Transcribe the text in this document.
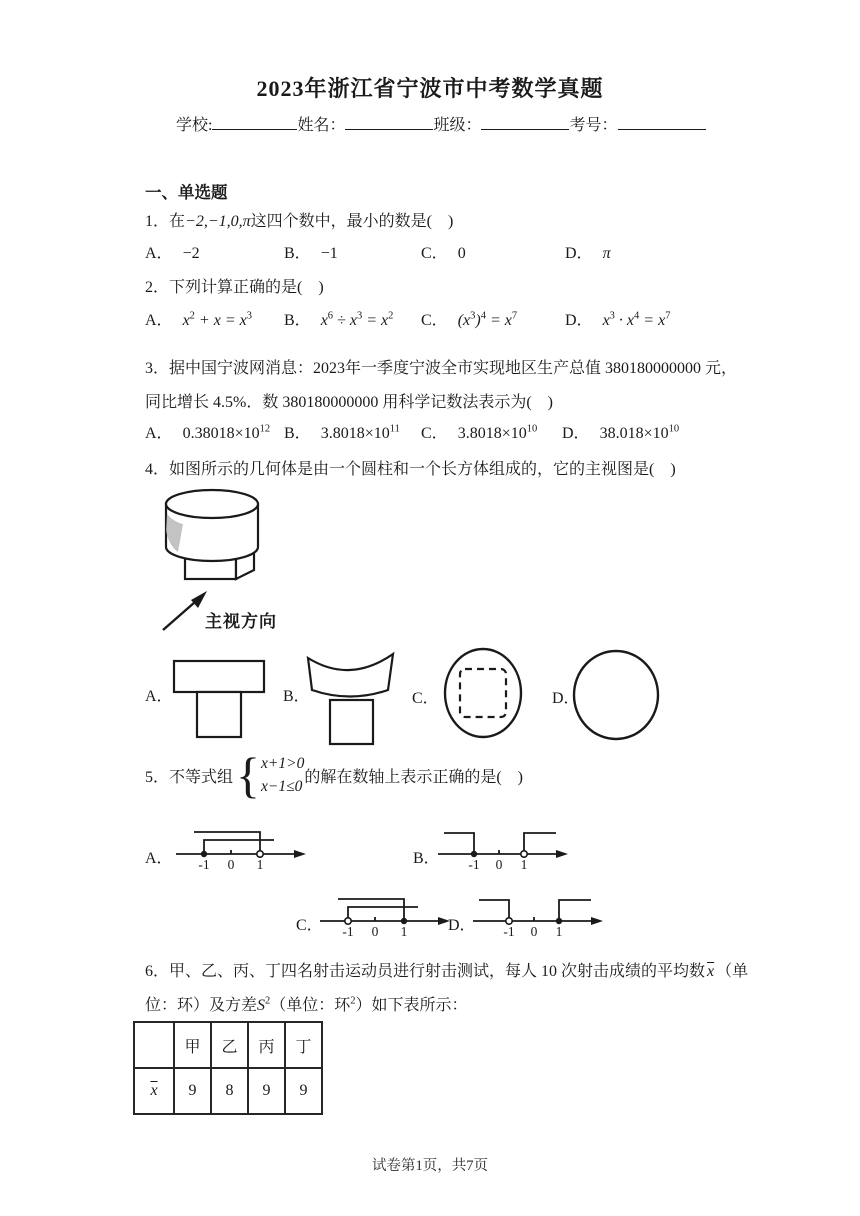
2023年浙江省宁波市中考数学真题
学校:	姓名：	班级：	考号：
一、单选题
1．在−2,−1,0,π这四个数中，最小的数是(　)
A． −2	B． −1	C． 0	D． π
2．下列计算正确的是(　)
A． $x^2 + x = x^3$ B． $x^6 \div x^3 = x^2$ C． $(x^3)^4 = x^7$	D． $x^3 \cdot x^4 = x^7$
3．据中国宁波网消息：2023年一季度宁波全市实现地区生产总值 380180000000 元，
同比增长 4.5%．数 380180000000 用科学记数法表示为(　)
A． $0.38018\times 10^{12}$ B． $3.8018\times 10^{11}$ C． $3.8018\times 10^{10}$ D． $38.018\times 10^{10}$
4．如图所示的几何体是由一个圆柱和一个长方体组成的，它的主视图是(　)
主视方向
A．	B．	C．	D．
5． 不等式组 { x+1>0
x−1≤0
的解在数轴上表示正确的是(　)
A． -1 0 1	B． -1 0 1
C． -1 0 1	D． -1 0 1
6．甲、乙、丙、丁四名射击运动员进行射击测试，每人 10 次射击成绩的平均数 $\overline{x}$ （单
位：环）及方差$S^2$（单位：环$^2$）如下表所示：
	甲	乙	丙	丁
$\overline{x}$	9	8	9	9
试卷第1页，共7页
